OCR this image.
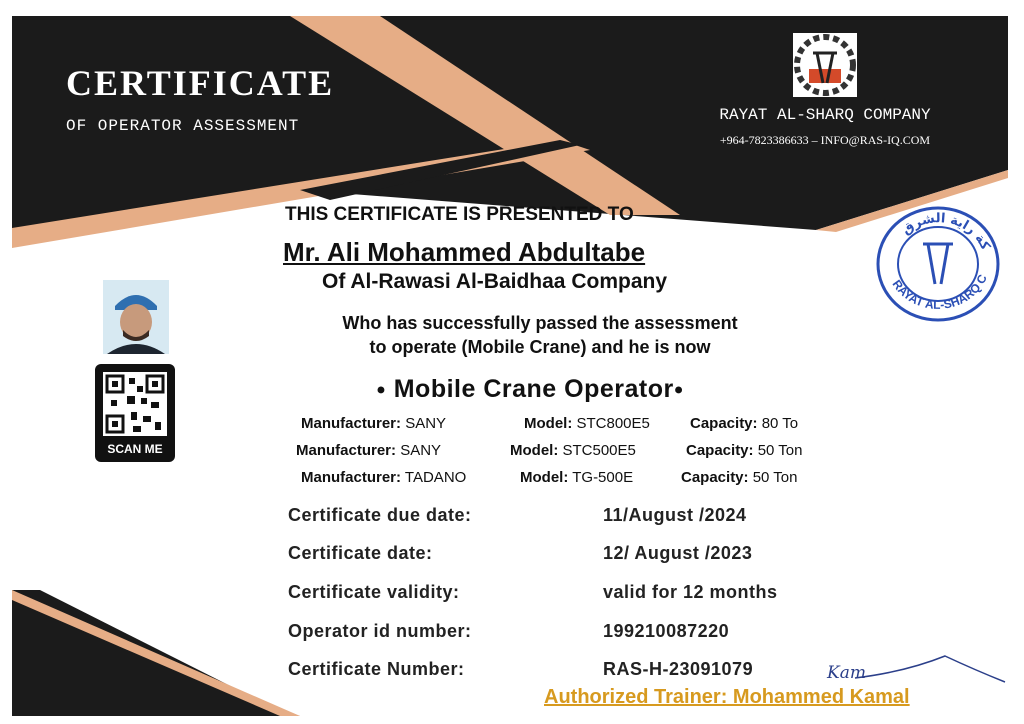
CERTIFICATE
OF OPERATOR ASSESSMENT
RAYAT AL-SHARQ COMPANY
+964-7823386633 – INFO@RAS-IQ.COM
THIS CERTIFICATE IS PRESENTED TO
Mr. Ali Mohammed Abdultabe
Of Al-Rawasi Al-Baidhaa Company
Who has successfully passed the assessment
to operate (Mobile Crane) and he is now
● Mobile Crane Operator●
Manufacturer: SANY	Model: STC800E5	Capacity: 80 To
Manufacturer: SANY	Model: STC500E5	Capacity: 50 Ton
Manufacturer: TADANO	Model: TG-500E	Capacity: 50 Ton
Certificate due date:	11/August /2024
Certificate date:	12/ August /2023
Certificate validity:	valid for 12 months
Operator id number:	199210087220
Certificate Number:	RAS-H-23091079
SCAN ME
RAYAT AL-SHARQ C
كة راية الشرق
Kam
Authorized Trainer: Mohammed Kamal
